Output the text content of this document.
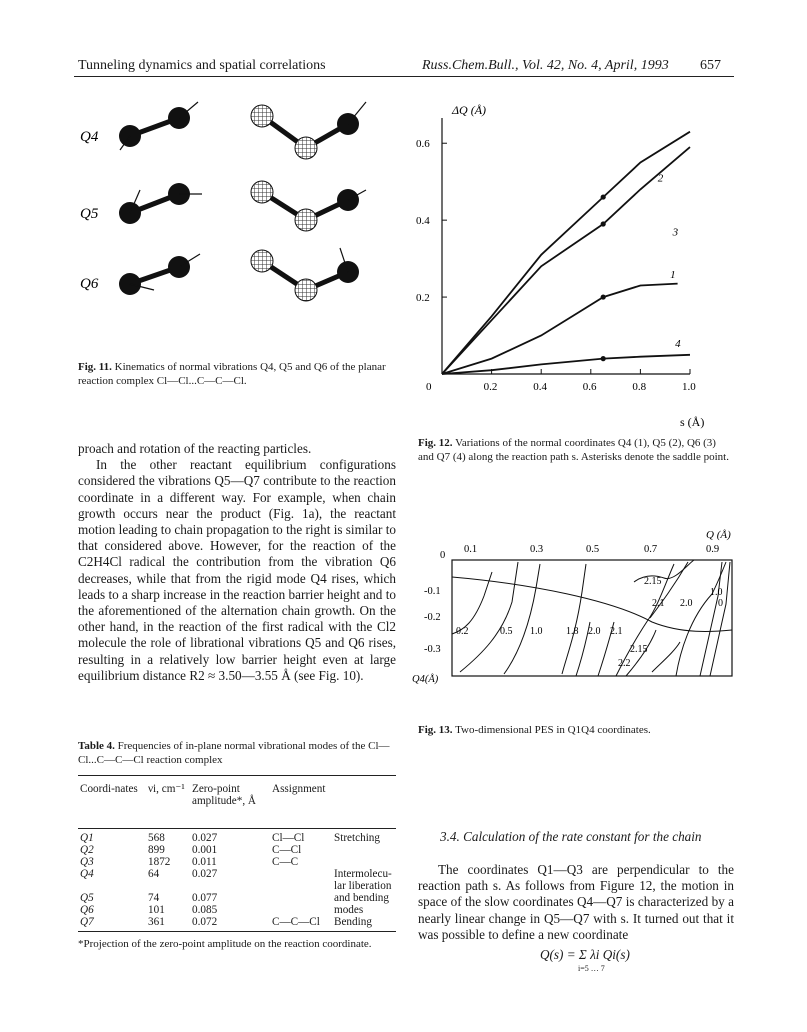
Tunneling dynamics and spatial correlations	Russ.Chem.Bull., Vol. 42, No. 4, April, 1993 657
Q4
Q5
Q6
Fig. 11. Kinematics of normal vibrations Q4, Q5 and Q6 of the planar reaction complex Cl—Cl...C—C—Cl.
ΔQ (Å)
s (Å)
0	0.2	0.4	0.6	0.8	1.0
0.2
0.4
0.6
1
2
3
4
Fig. 12. Variations of the normal coordinates Q4 (1), Q5 (2), Q6 (3) and Q7 (4) along the reaction path s. Asterisks denote the saddle point.
Q (Å)
0
0.1	0.3	0.5	0.7	0.9
-0.1
-0.2
-0.3
Q4(Å)
2.15
1.0
2.1 2.0	0
0.2	0.5 1.0 1.8 2.0 2.1
2.15
2.2
Fig. 13. Two-dimensional PES in Q1Q4 coordinates.
proach and rotation of the reacting particles.
In the other reactant equilibrium configurations considered the vibrations Q5—Q7 contribute to the reaction coordinate in a different way. For example, when chain growth occurs near the product (Fig. 1a), the reactant motion leading to chain propagation to the right is similar to that considered above. However, for the reaction of the C2H4Cl radical the contribution from the vibration Q6 decreases, while that from the rigid mode Q4 rises, which leads to a sharp increase in the reaction barrier height and to the aforementioned of the alternation chain growth. On the other hand, in the reaction of the first radical with the Cl2 molecule the role of librational vibrations Q5 and Q6 rises, resulting in a relatively low barrier height even at large equilibrium distance R2 ≈ 3.50—3.55 Å (see Fig. 10).
Table 4. Frequencies of in-plane normal vibrational modes of the Cl—Cl...C—C—Cl reaction complex
Coordi-nates	νi, cm⁻¹	Zero-point amplitude*, Å	Assignment
Q1	568	0.027	Cl—Cl	Stretching
Q2	899	0.001	C—Cl	
Q3	1872	0.011	C—C	
Q4	64	0.027		Intermolecu-
				lar liberation
Q5	74	0.077		and bending
Q6	101	0.085		modes
Q7	361	0.072	C—C—Cl	Bending
*Projection of the zero-point amplitude on the reaction coordinate.
3.4. Calculation of the rate constant for the chain
The coordinates Q1—Q3 are perpendicular to the reaction path s. As follows from Figure 12, the motion in space of the slow coordinates Q4—Q7 is characterized by a nearly linear change in Q5—Q7 with s. It turned out that it was possible to define a new coordinate
Q(s) = Σ λi Qi(s)
i=5 … 7
